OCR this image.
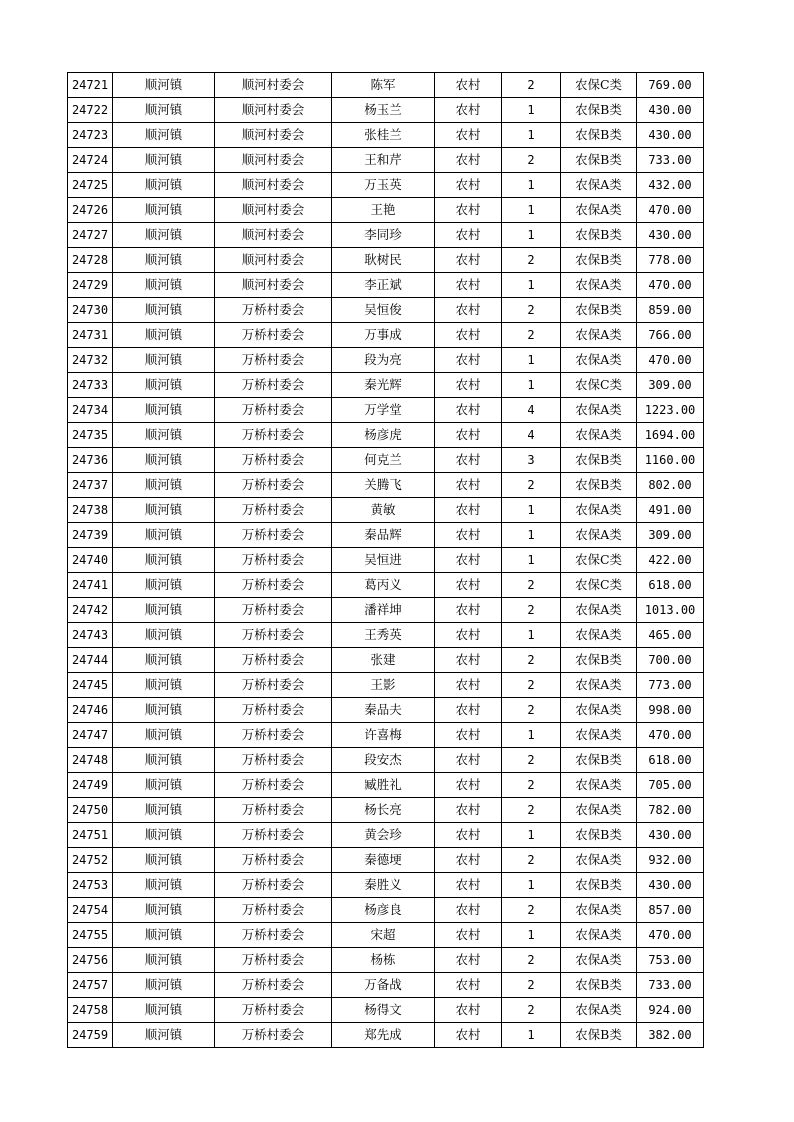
24721	顺河镇	顺河村委会	陈军	农村	2	农保C类	769.00
24722	顺河镇	顺河村委会	杨玉兰	农村	1	农保B类	430.00
24723	顺河镇	顺河村委会	张桂兰	农村	1	农保B类	430.00
24724	顺河镇	顺河村委会	王和芹	农村	2	农保B类	733.00
24725	顺河镇	顺河村委会	万玉英	农村	1	农保A类	432.00
24726	顺河镇	顺河村委会	王艳	农村	1	农保A类	470.00
24727	顺河镇	顺河村委会	李同珍	农村	1	农保B类	430.00
24728	顺河镇	顺河村委会	耿树民	农村	2	农保B类	778.00
24729	顺河镇	顺河村委会	李正斌	农村	1	农保A类	470.00
24730	顺河镇	万桥村委会	吴恒俊	农村	2	农保B类	859.00
24731	顺河镇	万桥村委会	万事成	农村	2	农保A类	766.00
24732	顺河镇	万桥村委会	段为亮	农村	1	农保A类	470.00
24733	顺河镇	万桥村委会	秦光辉	农村	1	农保C类	309.00
24734	顺河镇	万桥村委会	万学堂	农村	4	农保A类	1223.00
24735	顺河镇	万桥村委会	杨彦虎	农村	4	农保A类	1694.00
24736	顺河镇	万桥村委会	何克兰	农村	3	农保B类	1160.00
24737	顺河镇	万桥村委会	关腾飞	农村	2	农保B类	802.00
24738	顺河镇	万桥村委会	黄敏	农村	1	农保A类	491.00
24739	顺河镇	万桥村委会	秦品辉	农村	1	农保A类	309.00
24740	顺河镇	万桥村委会	吴恒进	农村	1	农保C类	422.00
24741	顺河镇	万桥村委会	葛丙义	农村	2	农保C类	618.00
24742	顺河镇	万桥村委会	潘祥坤	农村	2	农保A类	1013.00
24743	顺河镇	万桥村委会	王秀英	农村	1	农保A类	465.00
24744	顺河镇	万桥村委会	张建	农村	2	农保B类	700.00
24745	顺河镇	万桥村委会	王影	农村	2	农保A类	773.00
24746	顺河镇	万桥村委会	秦品夫	农村	2	农保A类	998.00
24747	顺河镇	万桥村委会	许喜梅	农村	1	农保A类	470.00
24748	顺河镇	万桥村委会	段安杰	农村	2	农保B类	618.00
24749	顺河镇	万桥村委会	臧胜礼	农村	2	农保A类	705.00
24750	顺河镇	万桥村委会	杨长亮	农村	2	农保A类	782.00
24751	顺河镇	万桥村委会	黄会珍	农村	1	农保B类	430.00
24752	顺河镇	万桥村委会	秦德埂	农村	2	农保A类	932.00
24753	顺河镇	万桥村委会	秦胜义	农村	1	农保B类	430.00
24754	顺河镇	万桥村委会	杨彦良	农村	2	农保A类	857.00
24755	顺河镇	万桥村委会	宋超	农村	1	农保A类	470.00
24756	顺河镇	万桥村委会	杨栋	农村	2	农保A类	753.00
24757	顺河镇	万桥村委会	万备战	农村	2	农保B类	733.00
24758	顺河镇	万桥村委会	杨得文	农村	2	农保A类	924.00
24759	顺河镇	万桥村委会	郑先成	农村	1	农保B类	382.00
